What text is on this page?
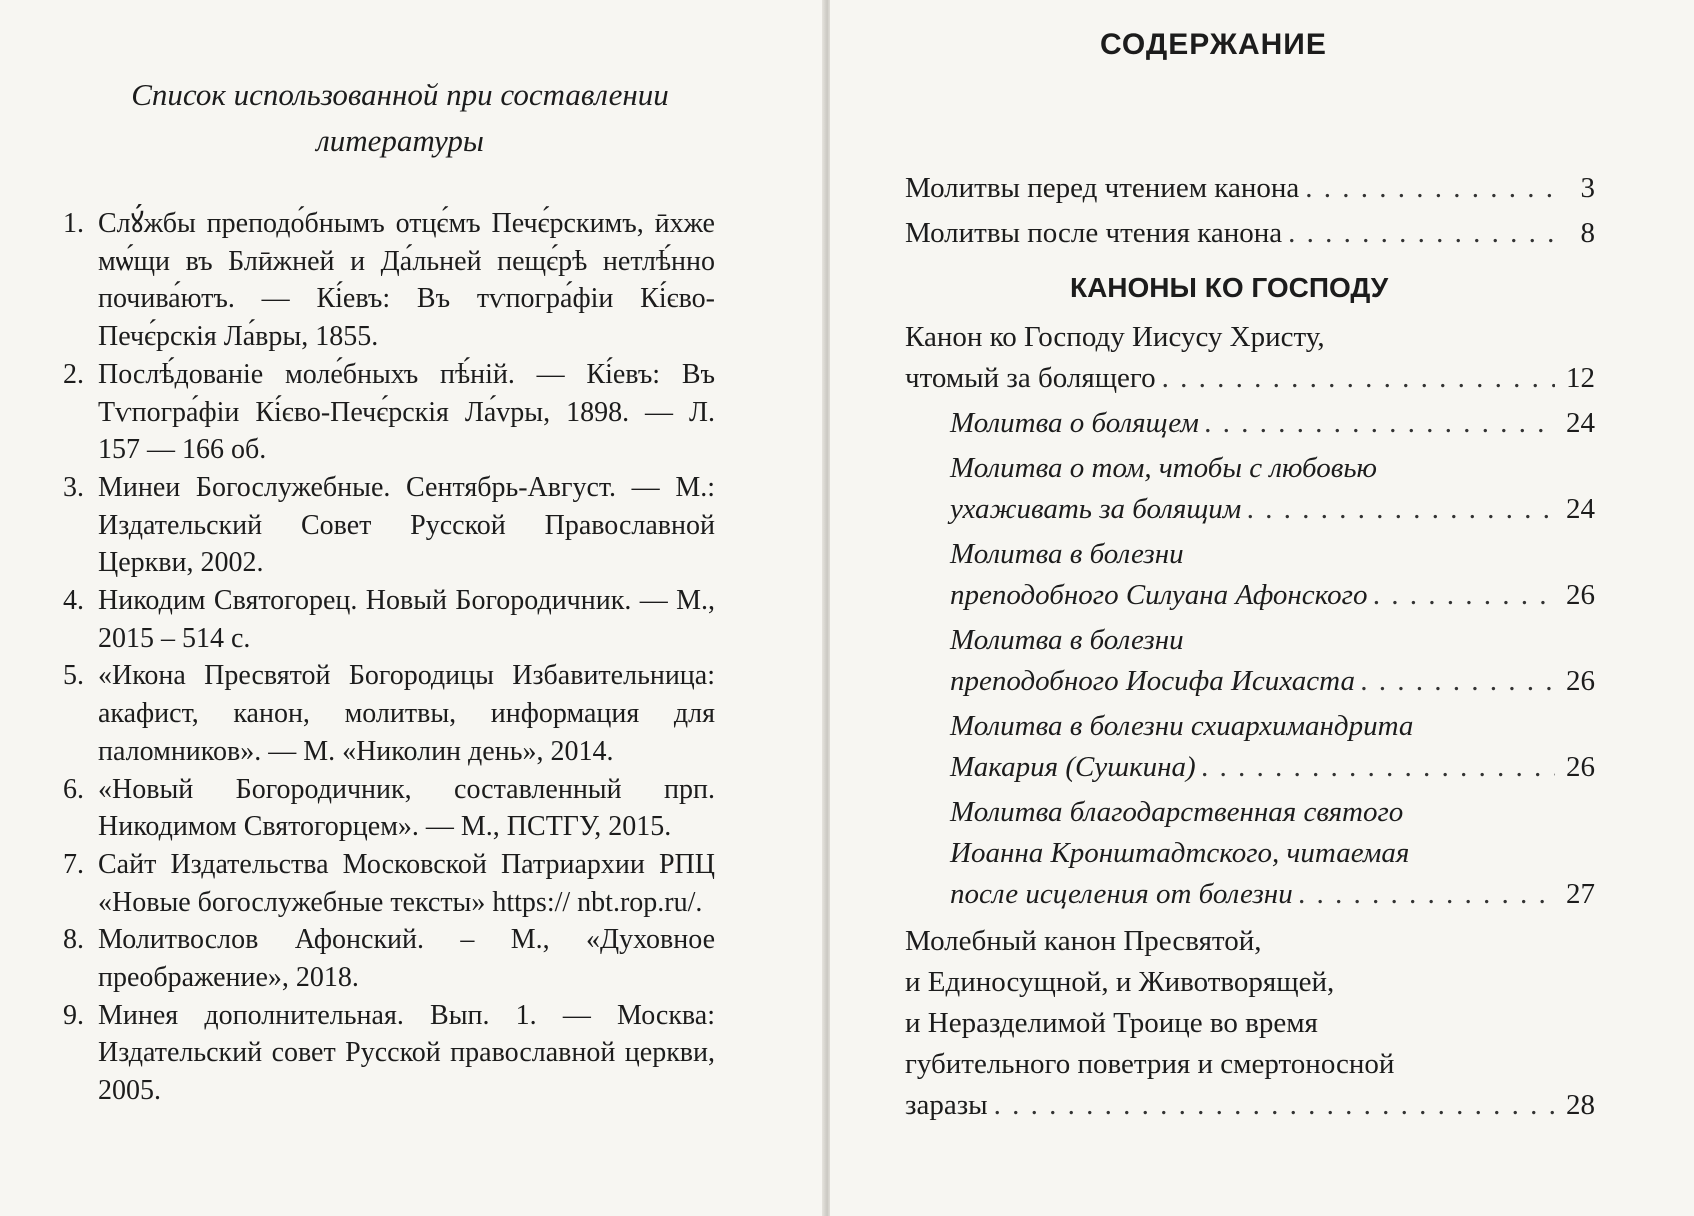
Список использованной при составлении
литературы
1. Слꙋ́жбы преподо́бнымъ отцє́мъ Печє́рскимъ, ӣхже мѡ́щи въ Блӣжней и Да́льней пещє́рѣ нетлѣ́нно почива́ютъ. — Кі́евъ: Въ тѵпогра́фіи Кі́єво-Печє́рскія Ла́вры, 1855.
2. Послѣ́дованіе моле́бныхъ пѣ́ній. — Кі́евъ: Въ Тѵпогра́фіи Кі́єво-Печє́рскія Ла́vры, 1898. — Л. 157 — 166 об.
3. Минеи Богослужебные. Сентябрь-Август. — М.: Издательский Совет Русской Православной Церкви, 2002.
4. Никодим Святогорец. Новый Богородичник. — М., 2015 – 514 с.
5. «Икона Пресвятой Богородицы Избавительница: акафист, канон, молитвы, информация для паломников». — М. «Николин день», 2014.
6. «Новый Богородичник, составленный прп. Никодимом Святогорцем». — М., ПСТГУ, 2015.
7. Сайт Издательства Московской Патриархии РПЦ «Новые богослужебные тексты» https:// nbt.rop.ru/.
8. Молитвослов Афонский. – М., «Духовное преображение», 2018.
9. Минея дополнительная. Вып. 1. — Москва: Издательский совет Русской православной церкви, 2005.
СОДЕРЖАНИЕ
Молитвы перед чтением канона . . .	3
Молитвы после чтения канона . . .	8
КАНОНЫ КО ГОСПОДУ
Канон ко Господу Иисусу Христу,
чтомый за болящего . . .	12
Молитва о болящем . . .	24
Молитва о том, чтобы с любовью
ухаживать за болящим . . .	24
Молитва в болезни
преподобного Силуана Афонского . . .	26
Молитва в болезни
преподобного Иосифа Исихаста . . .	26
Молитва в болезни схиархимандрита
Макария (Сушкина) . . .	26
Молитва благодарственная святого
Иоанна Кронштадтского, читаемая
после исцеления от болезни . . .	27
Молебный канон Пресвятой,
и Единосущной, и Животворящей,
и Неразделимой Троице во время
губительного поветрия и смертоносной
заразы . . .	28
